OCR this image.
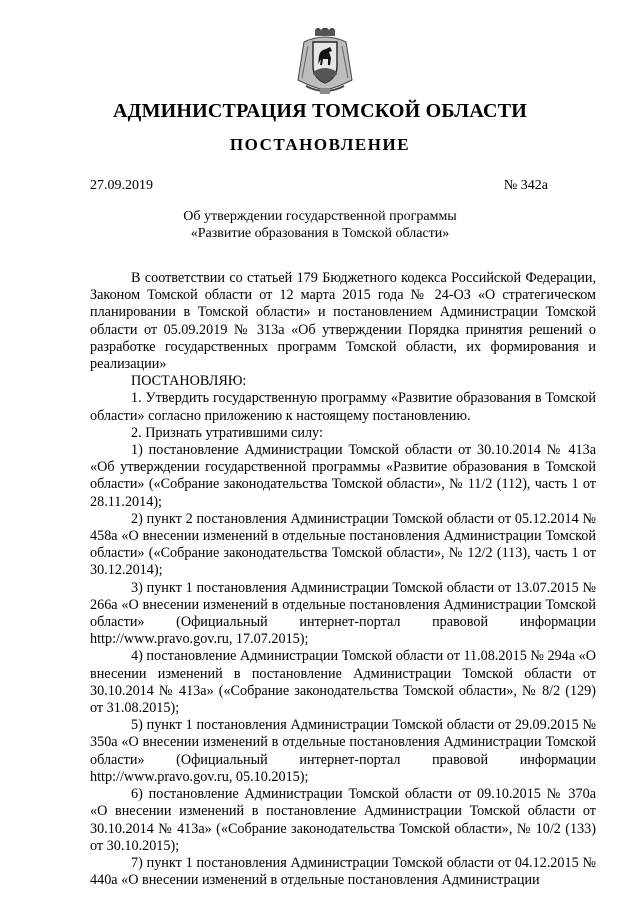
АДМИНИСТРАЦИЯ ТОМСКОЙ ОБЛАСТИ
ПОСТАНОВЛЕНИЕ
27.09.2019	№ 342а
Об утверждении государственной программы
«Развитие образования в Томской области»

В соответствии со статьей 179 Бюджетного кодекса Российской Федерации, Законом Томской области от 12 марта 2015 года № 24-ОЗ «О стратегическом планировании в Томской области» и постановлением Администрации Томской области от 05.09.2019 № 313а «Об утверждении Порядка принятия решений о разработке государственных программ Томской области, их формирования и реализации»

ПОСТАНОВЛЯЮ:

1. Утвердить государственную программу «Развитие образования в Томской области» согласно приложению к настоящему постановлению.

2. Признать утратившими силу:

1) постановление Администрации Томской области от 30.10.2014 № 413а «Об утверждении государственной программы «Развитие образования в Томской области» («Собрание законодательства Томской области», № 11/2 (112), часть 1 от 28.11.2014);

2) пункт 2 постановления Администрации Томской области от 05.12.2014 № 458а «О внесении изменений в отдельные постановления Администрации Томской области» («Собрание законодательства Томской области», № 12/2 (113), часть 1 от 30.12.2014);

3) пункт 1 постановления Администрации Томской области от 13.07.2015 № 266а «О внесении изменений в отдельные постановления Администрации Томской области» (Официальный интернет-портал правовой информации http://www.pravo.gov.ru, 17.07.2015);

4) постановление Администрации Томской области от 11.08.2015 № 294а «О внесении изменений в постановление Администрации Томской области от 30.10.2014 № 413а» («Собрание законодательства Томской области», № 8/2 (129) от 31.08.2015);

5) пункт 1 постановления Администрации Томской области от 29.09.2015 № 350а «О внесении изменений в отдельные постановления Администрации Томской области» (Официальный интернет-портал правовой информации http://www.pravo.gov.ru, 05.10.2015);

6) постановление Администрации Томской области от 09.10.2015 № 370а «О внесении изменений в постановление Администрации Томской области от 30.10.2014 № 413а» («Собрание законодательства Томской области», № 10/2 (133) от 30.10.2015);

7) пункт 1 постановления Администрации Томской области от 04.12.2015 № 440а «О внесении изменений в отдельные постановления Администрации
